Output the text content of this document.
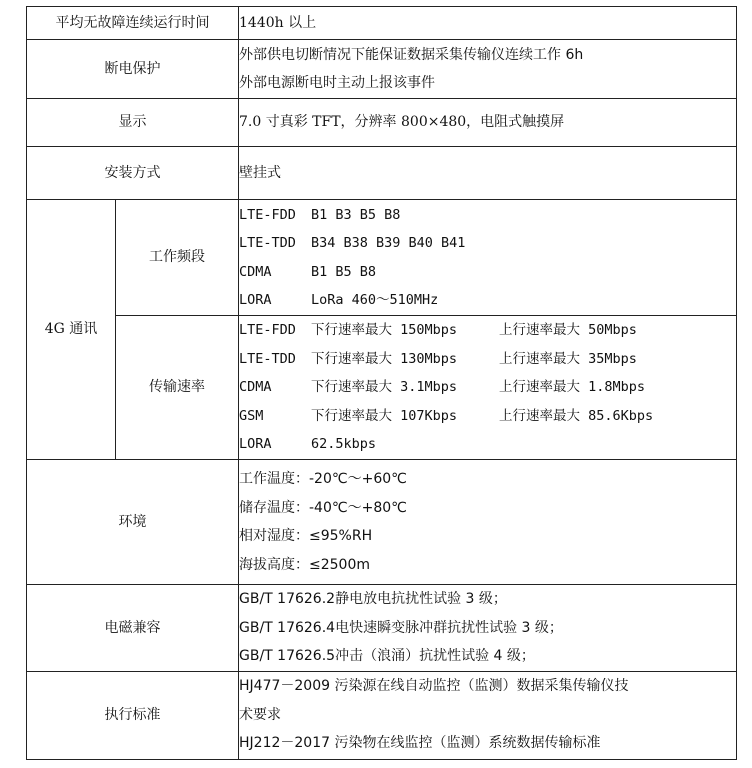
平均无故障连续运行时间		1440h 以上
断电保护		外部供电切断情况下能保证数据采集传输仪连续工作 6h
外部电源断电时主动上报该事件

显示		7.0 寸真彩 TFT，分辨率 800×480，电阻式触摸屏
安装方式		壁挂式
4G 通讯	工作频段	LTE-FDD B1 B3 B5 B8
LTE-TDD B34 B38 B39 B40 B41
CDMA B1 B5 B8
LORA LoRa 460～510MHz

	传输速率	LTE-FDD 下行速率最大 150Mbps 上行速率最大 50Mbps
LTE-TDD 下行速率最大 130Mbps 上行速率最大 35Mbps
CDMA 下行速率最大 3.1Mbps 上行速率最大 1.8Mbps
GSM 下行速率最大 107Kbps 上行速率最大 85.6Kbps
LORA 62.5kbps

环境		工作温度：-20℃～+60℃
储存温度：-40℃～+80℃
相对湿度：≤95%RH
海拔高度：≤2500m

电磁兼容		GB/T 17626.2静电放电抗扰性试验 3 级；
GB/T 17626.4电快速瞬变脉冲群抗扰性试验 3 级；
GB/T 17626.5冲击（浪涌）抗扰性试验 4 级；

执行标准		HJ477－2009 污染源在线自动监控（监测）数据采集传输仪技
术要求
HJ212－2017 污染物在线监控（监测）系统数据传输标准
